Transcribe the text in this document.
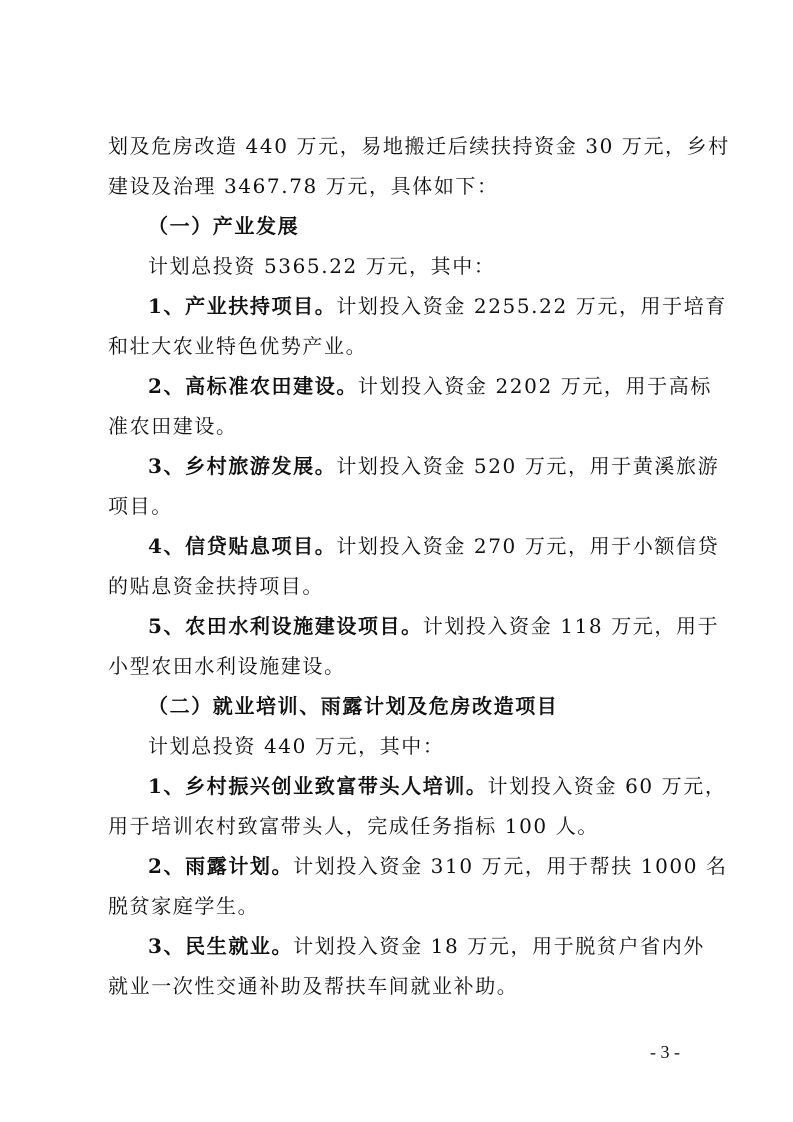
划及危房改造 440 万元，易地搬迁后续扶持资金 30 万元，乡村
建设及治理 3467.78 万元，具体如下：
（一）产业发展
计划总投资 5365.22 万元，其中：
1、产业扶持项目。计划投入资金 2255.22 万元，用于培育
和壮大农业特色优势产业。
2、高标准农田建设。计划投入资金 2202 万元，用于高标
准农田建设。
3、乡村旅游发展。计划投入资金 520 万元，用于黄溪旅游
项目。
4、信贷贴息项目。计划投入资金 270 万元，用于小额信贷
的贴息资金扶持项目。
5、农田水利设施建设项目。计划投入资金 118 万元，用于
小型农田水利设施建设。
（二）就业培训、雨露计划及危房改造项目
计划总投资 440 万元，其中：
1、乡村振兴创业致富带头人培训。计划投入资金 60 万元，
用于培训农村致富带头人，完成任务指标 100 人。
2、雨露计划。计划投入资金 310 万元，用于帮扶 1000 名
脱贫家庭学生。
3、民生就业。计划投入资金 18 万元，用于脱贫户省内外
就业一次性交通补助及帮扶车间就业补助。
- 3 -
